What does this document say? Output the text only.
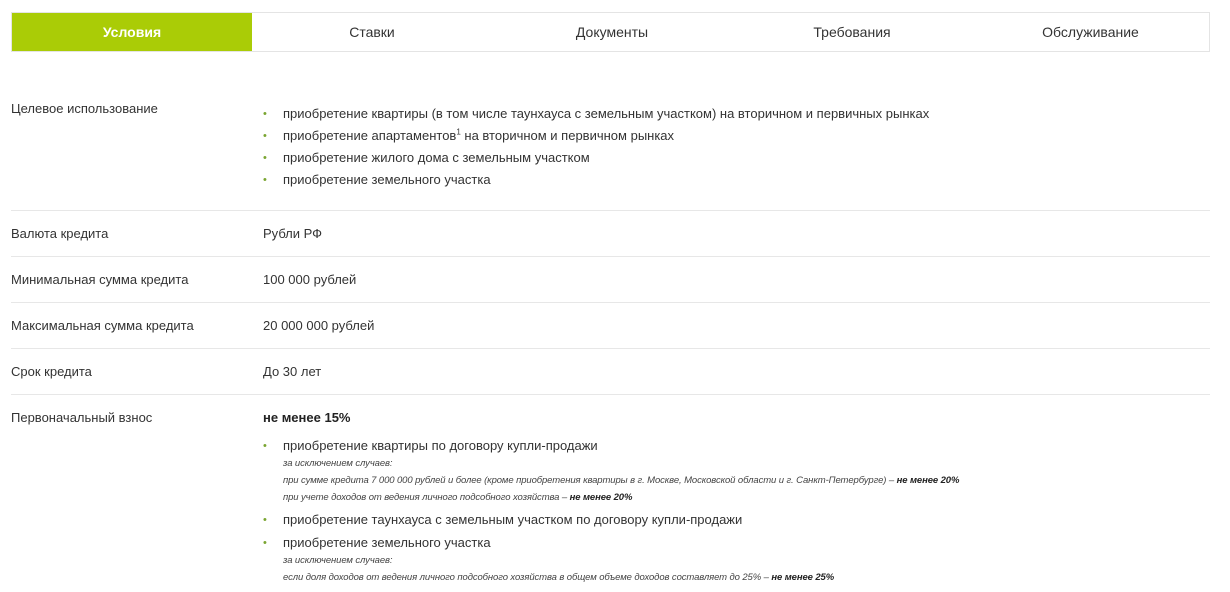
Условия	Ставки	Документы	Требования	Обслуживание
Целевое использование	• приобретение квартиры (в том числе таунхауса с земельным участком) на вторичном и первичных рынках
• приобретение апартаментов$^1$ на вторичном и первичном рынках
• приобретение жилого дома с земельным участком
• приобретение земельного участка
Валюта кредита	Рубли РФ
Минимальная сумма кредита	100 000 рублей
Максимальная сумма кредита	20 000 000 рублей
Срок кредита	До 30 лет
Первоначальный взнос	не менее 15%
• приобретение квартиры по договору купли-продажи
за исключением случаев:
при сумме кредита 7 000 000 рублей и более (кроме приобретения квартиры в г. Москве, Московской области и г. Санкт-Петербурге) – не менее 20%
при учете доходов от ведения личного подсобного хозяйства – не менее 20%
• приобретение таунхауса с земельным участком по договору купли-продажи
• приобретение земельного участка
за исключением случаев:
если доля доходов от ведения личного подсобного хозяйства в общем объеме доходов составляет до 25% – не менее 25%
